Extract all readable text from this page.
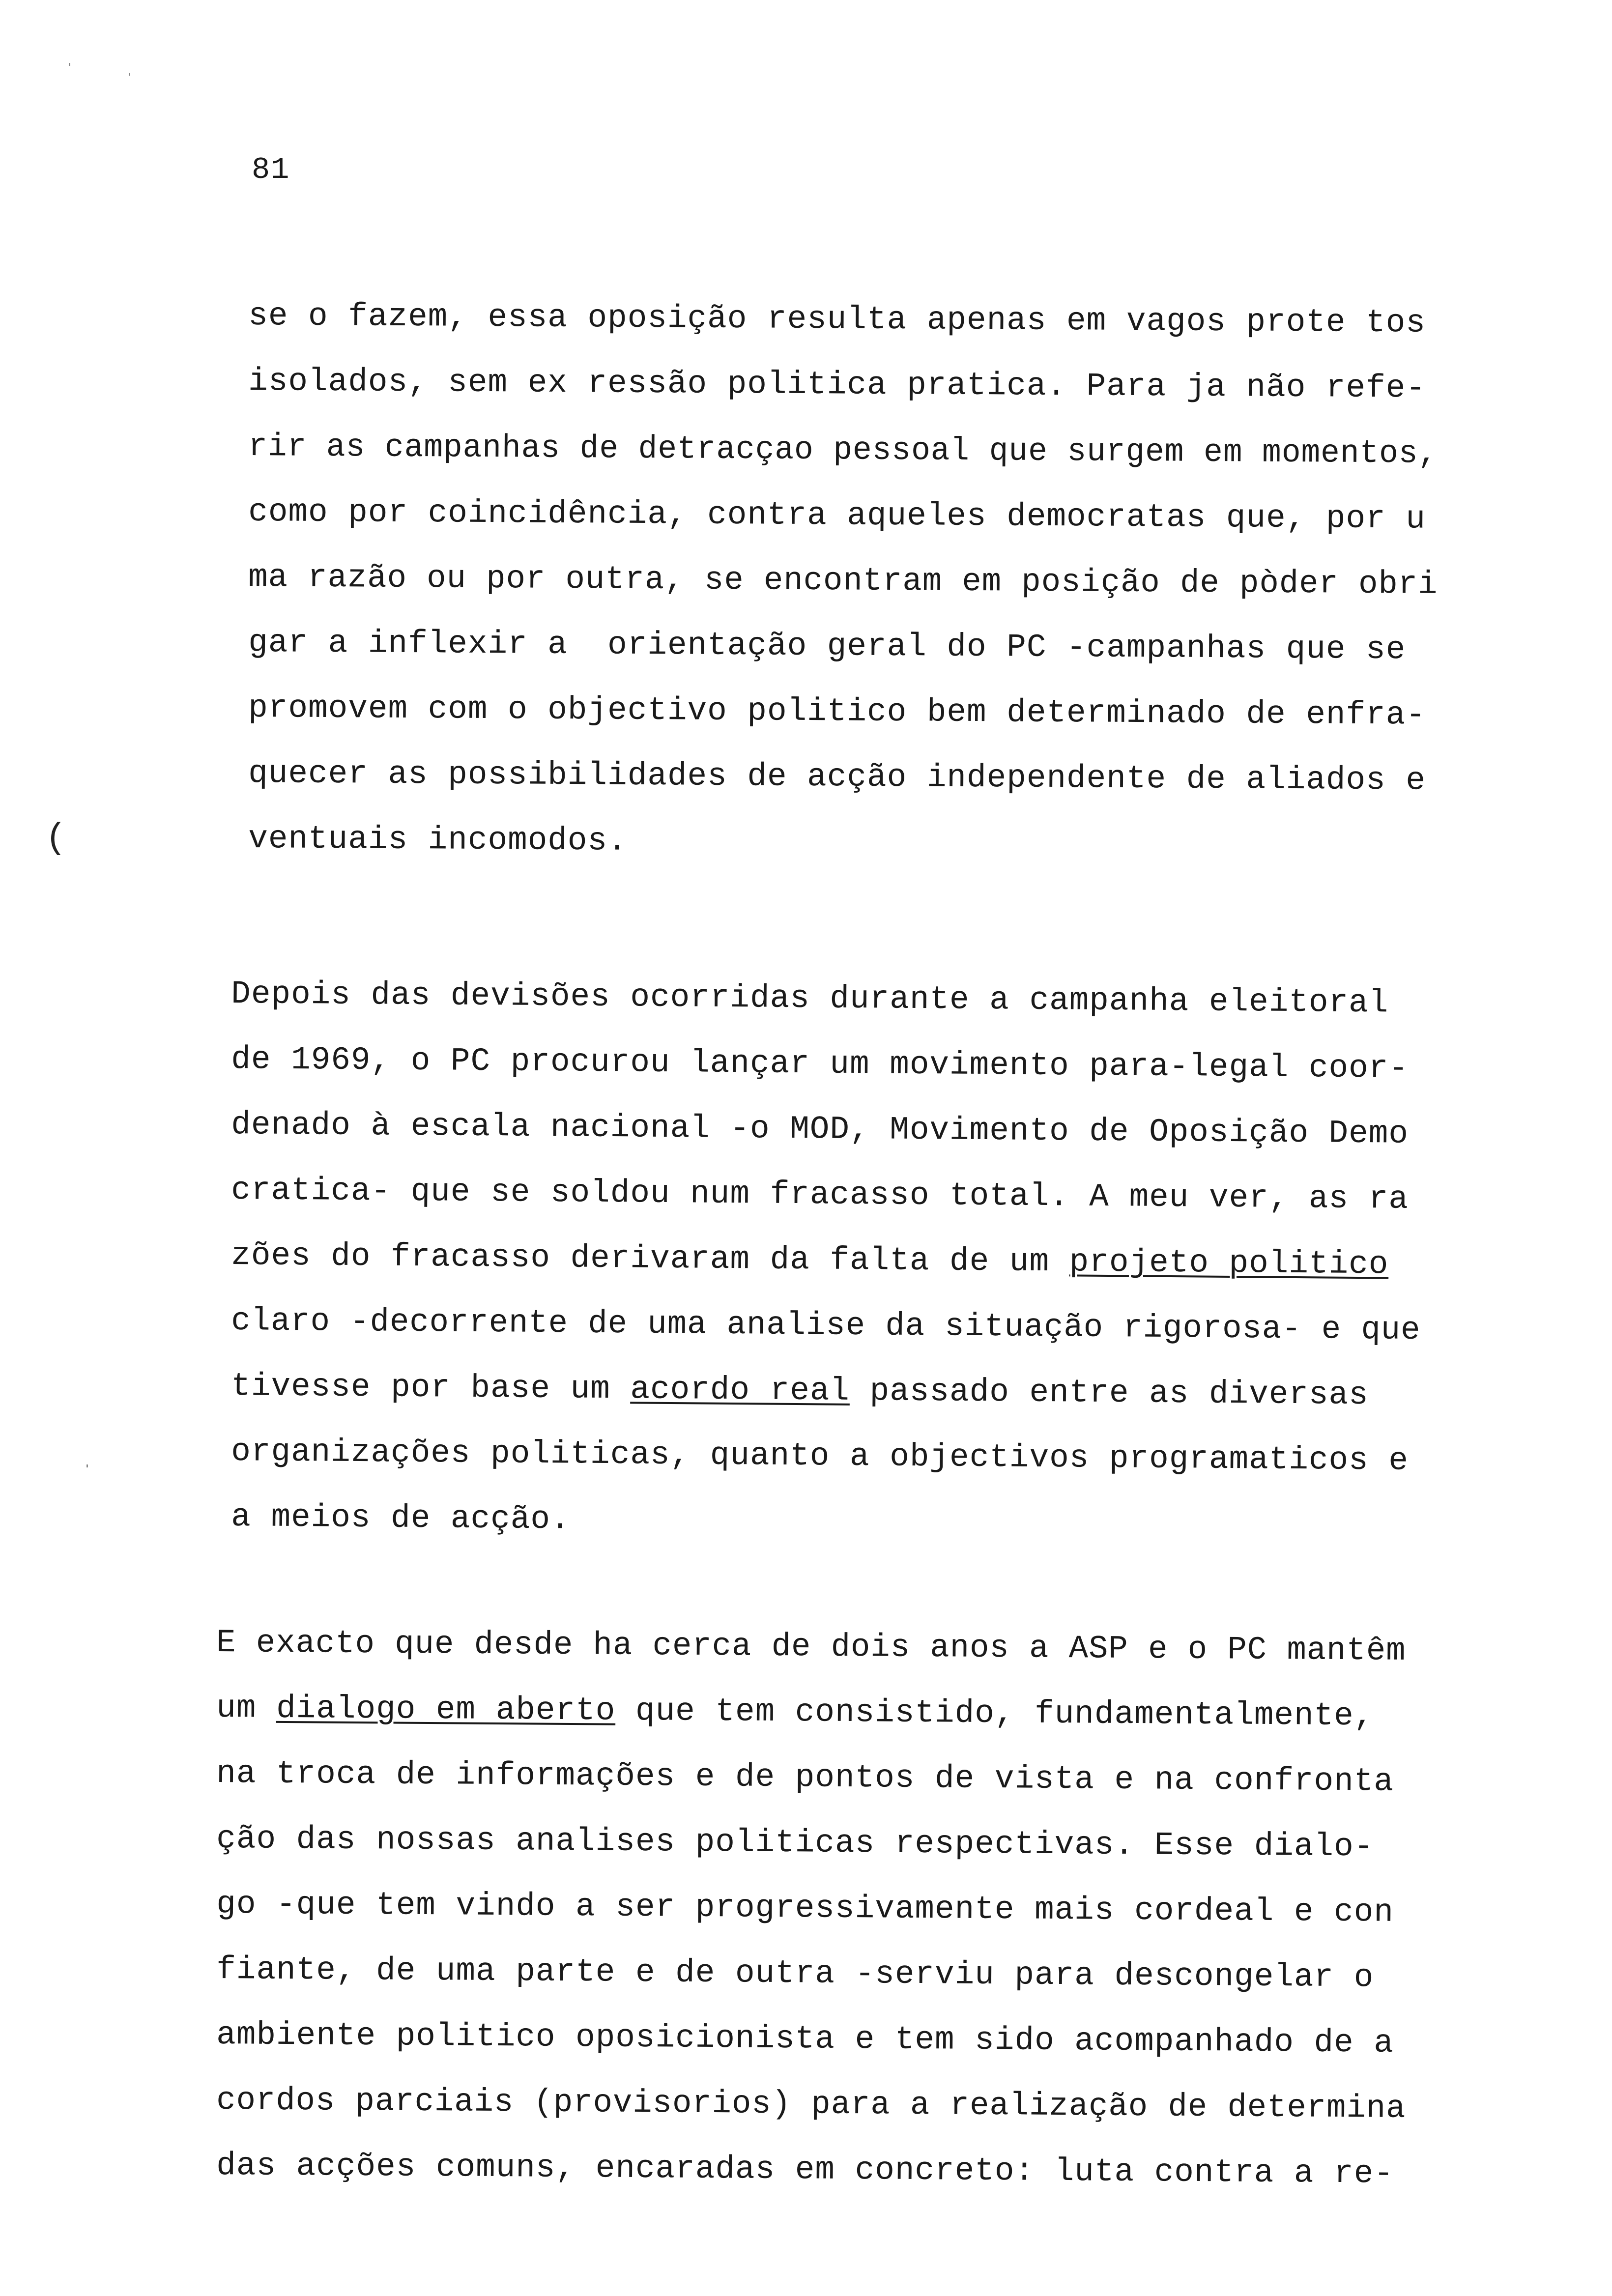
81
(
se o fazem, essa oposição resulta apenas em vagos prote tos
isolados, sem ex ressão politica pratica. Para ja não refe-
rir as campanhas de detracçao pessoal que surgem em momentos,
como por coincidência, contra aqueles democratas que, por u
ma razão ou por outra, se encontram em posição de pòder obri
gar a inflexir a  orientação geral do PC -campanhas que se
promovem com o objectivo politico bem determinado de enfra-
quecer as possibilidades de acção independente de aliados e
ventuais incomodos.
Depois das devisões ocorridas durante a campanha eleitoral
de 1969, o PC procurou lançar um movimento para-legal coor-
denado à escala nacional -o MOD, Movimento de Oposição Demo
cratica- que se soldou num fracasso total. A meu ver, as ra
zões do fracasso derivaram da falta de um projeto politico
claro -decorrente de uma analise da situação rigorosa- e que
tivesse por base um acordo real passado entre as diversas
organizações politicas, quanto a objectivos programaticos e
a meios de acção.
E exacto que desde ha cerca de dois anos a ASP e o PC mantêm
um dialogo em aberto que tem consistido, fundamentalmente,
na troca de informações e de pontos de vista e na confronta
ção das nossas analises politicas respectivas. Esse dialo-
go -que tem vindo a ser progressivamente mais cordeal e con
fiante, de uma parte e de outra -serviu para descongelar o
ambiente politico oposicionista e tem sido acompanhado de a
cordos parciais (provisorios) para a realização de determina
das acções comuns, encaradas em concreto: luta contra a re-
